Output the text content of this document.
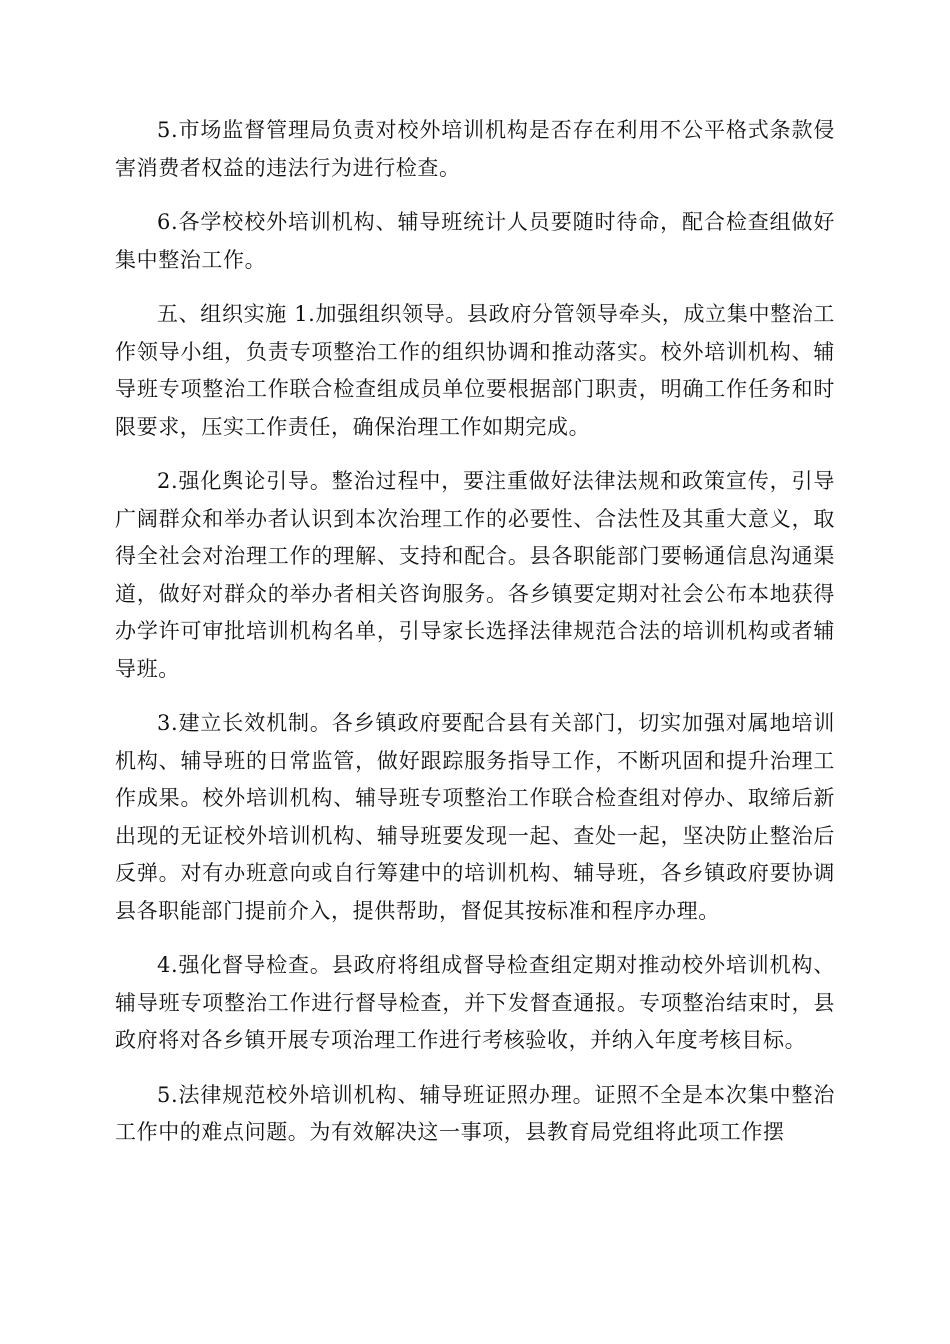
5.市场监督管理局负责对校外培训机构是否存在利用不公平格式条款侵害消费者权益的违法行为进行检查。

6.各学校校外培训机构、辅导班统计人员要随时待命，配合检查组做好集中整治工作。

五、组织实施 1.加强组织领导。县政府分管领导牵头，成立集中整治工作领导小组，负责专项整治工作的组织协调和推动落实。校外培训机构、辅导班专项整治工作联合检查组成员单位要根据部门职责，明确工作任务和时限要求，压实工作责任，确保治理工作如期完成。

2.强化舆论引导。整治过程中，要注重做好法律法规和政策宣传，引导广阔群众和举办者认识到本次治理工作的必要性、合法性及其重大意义，取得全社会对治理工作的理解、支持和配合。县各职能部门要畅通信息沟通渠道，做好对群众的举办者相关咨询服务。各乡镇要定期对社会公布本地获得办学许可审批培训机构名单，引导家长选择法律规范合法的培训机构或者辅导班。

3.建立长效机制。各乡镇政府要配合县有关部门，切实加强对属地培训机构、辅导班的日常监管，做好跟踪服务指导工作，不断巩固和提升治理工作成果。校外培训机构、辅导班专项整治工作联合检查组对停办、取缔后新出现的无证校外培训机构、辅导班要发现一起、查处一起，坚决防止整治后反弹。对有办班意向或自行筹建中的培训机构、辅导班，各乡镇政府要协调县各职能部门提前介入，提供帮助，督促其按标准和程序办理。

4.强化督导检查。县政府将组成督导检查组定期对推动校外培训机构、辅导班专项整治工作进行督导检查，并下发督查通报。专项整治结束时，县政府将对各乡镇开展专项治理工作进行考核验收，并纳入年度考核目标。

5.法律规范校外培训机构、辅导班证照办理。证照不全是本次集中整治工作中的难点问题。为有效解决这一事项，县教育局党组将此项工作摆
